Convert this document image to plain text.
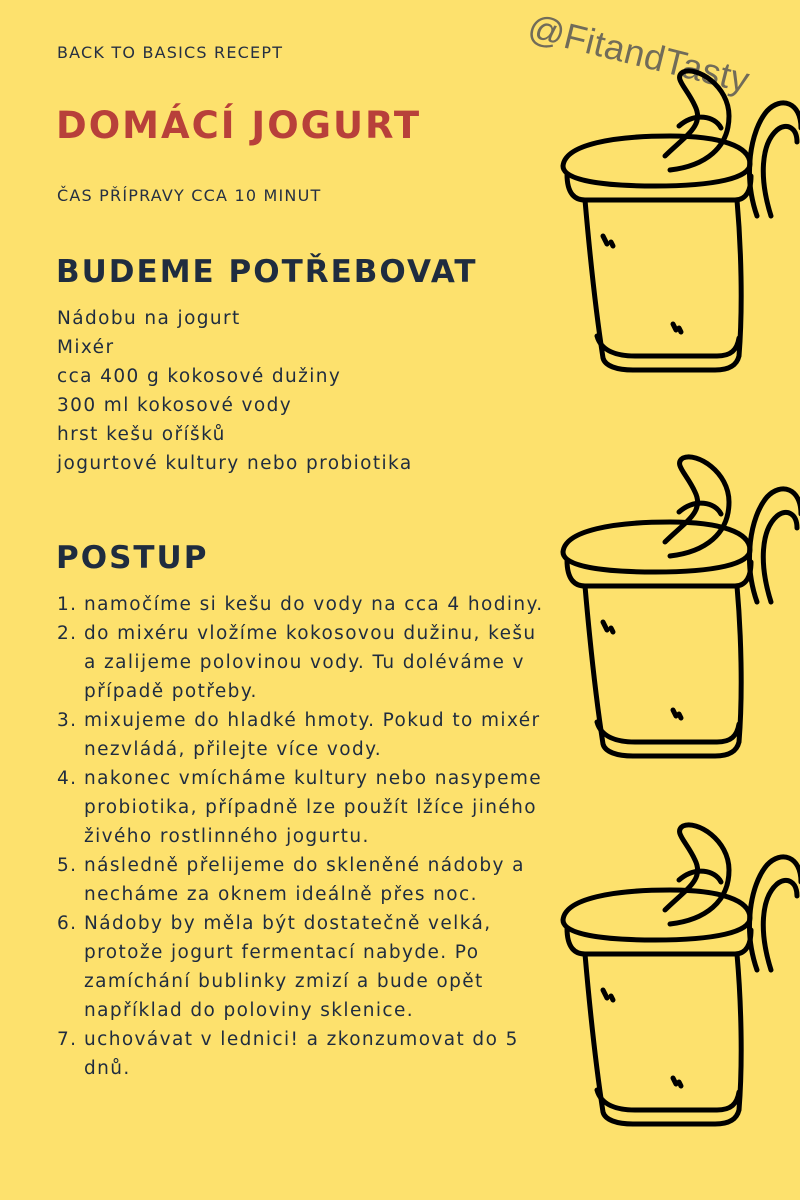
@FitandTasty
BACK TO BASICS RECEPT
DOMÁCÍ JOGURT
ČAS PŘÍPRAVY CCA 10 MINUT
BUDEME POTŘEBOVAT
Nádobu na jogurt
Mixér
cca 400 g kokosové dužiny
300 ml kokosové vody
hrst kešu oříšků
jogurtové kultury nebo probiotika
POSTUP
namočíme si kešu do vody na cca 4 hodiny.
do mixéru vložíme kokosovou dužinu, kešu a zalijeme polovinou vody. Tu doléváme v případě potřeby.
mixujeme do hladké hmoty. Pokud to mixér nezvládá, přilejte více vody.
nakonec vmícháme kultury nebo nasypeme probiotika, případně lze použít lžíce jiného živého rostlinného jogurtu.
následně přelijeme do skleněné nádoby a necháme za oknem ideálně přes noc.
Nádoby by měla být dostatečně velká, protože jogurt fermentací nabyde. Po zamíchání bublinky zmizí a bude opět například do poloviny sklenice.
uchovávat v lednici! a zkonzumovat do 5 dnů.
